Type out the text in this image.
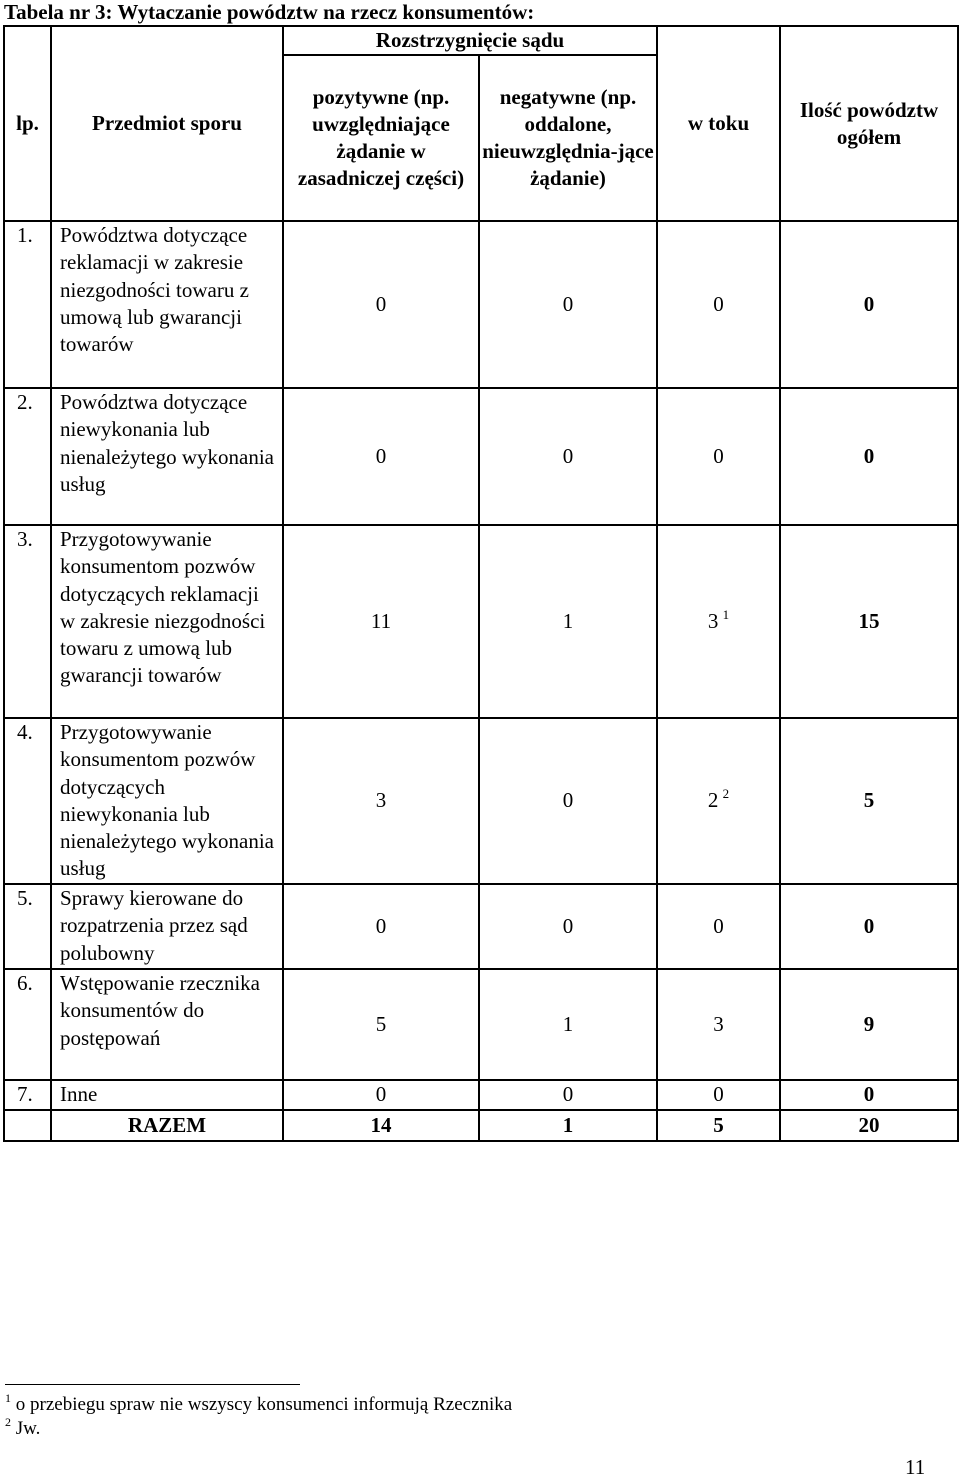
Tabela nr 3: Wytaczanie powództw na rzecz konsumentów:
lp.	Przedmiot sporu	Rozstrzygnięcie sądu		w toku	Ilość powództw ogółem
		pozytywne (np. uwzględniające żądanie w zasadniczej części)	negatywne (np. oddalone, nieuwzględnia-jące żądanie)		
1.	Powództwa dotyczące reklamacji w zakresie niezgodności towaru z umową lub gwarancji towarów	0	0	0	0
2.	Powództwa dotyczące niewykonania lub nienależytego wykonania usług	0	0	0	0
3.	Przygotowywanie konsumentom pozwów dotyczących reklamacji w zakresie niezgodności towaru z umową lub gwarancji towarów	11	1	3  $^1$	15
4.	Przygotowywanie konsumentom pozwów dotyczących niewykonania lub nienależytego wykonania usług	3	0	2  $^2$	5
5.	Sprawy kierowane do rozpatrzenia przez sąd polubowny	0	0	0	0
6.	Wstępowanie rzecznika konsumentów do postępowań	5	1	3	9
7.	Inne	0	0	0	0
	RAZEM	14	1	5	20
$^1$ o przebiegu spraw nie wszyscy konsumenci informują Rzecznika
$^2$ Jw.
11
